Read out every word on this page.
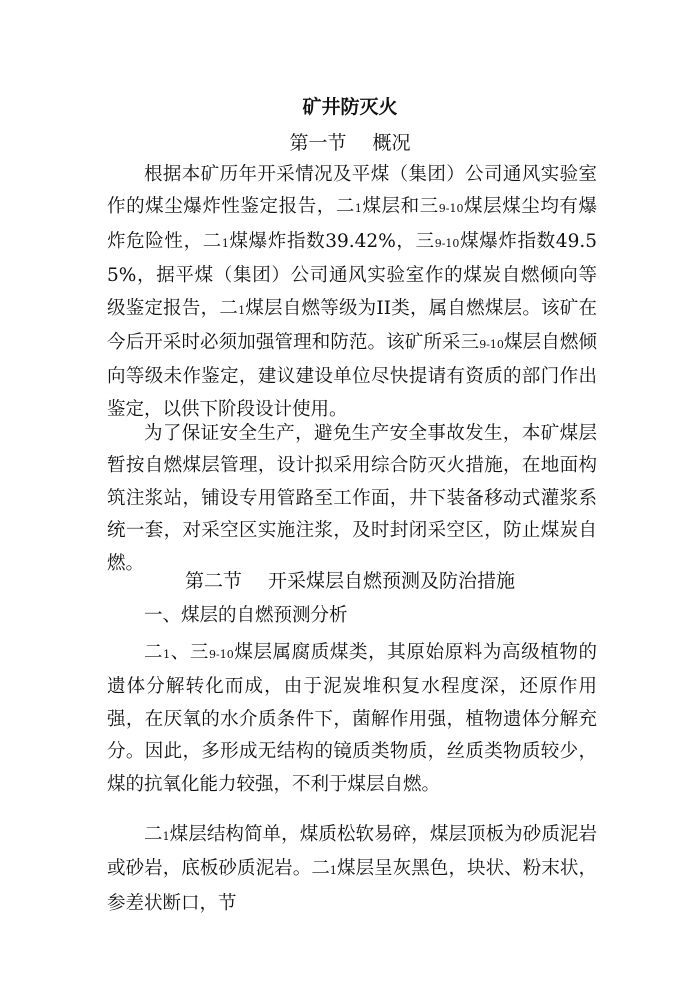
矿井防灭火
第一节 概况

根据本矿历年开采情况及平煤（集团）公司通风实验室作的煤尘爆炸性鉴定报告，二1煤层和三9-10煤层煤尘均有爆炸危险性，二1煤爆炸指数39.42%，三9-10煤爆炸指数49.55%，据平煤（集团）公司通风实验室作的煤炭自燃倾向等级鉴定报告，二1煤层自燃等级为II类，属自燃煤层。该矿在今后开采时必须加强管理和防范。该矿所采三9-10煤层自燃倾向等级未作鉴定，建议建设单位尽快提请有资质的部门作出鉴定，以供下阶段设计使用。

为了保证安全生产，避免生产安全事故发生，本矿煤层暂按自燃煤层管理，设计拟采用综合防灭火措施，在地面构筑注浆站，铺设专用管路至工作面，井下装备移动式灌浆系统一套，对采空区实施注浆，及时封闭采空区，防止煤炭自燃。

第二节 开采煤层自燃预测及防治措施
一、煤层的自燃预测分析

二1、三9-10煤层属腐质煤类，其原始原料为高级植物的遗体分解转化而成，由于泥炭堆积复水程度深，还原作用强，在厌氧的水介质条件下，菌解作用强，植物遗体分解充分。因此，多形成无结构的镜质类物质，丝质类物质较少，煤的抗氧化能力较强，不利于煤层自燃。

二1煤层结构简单，煤质松软易碎，煤层顶板为砂质泥岩或砂岩，底板砂质泥岩。二1煤层呈灰黑色，块状、粉末状，参差状断口，节
